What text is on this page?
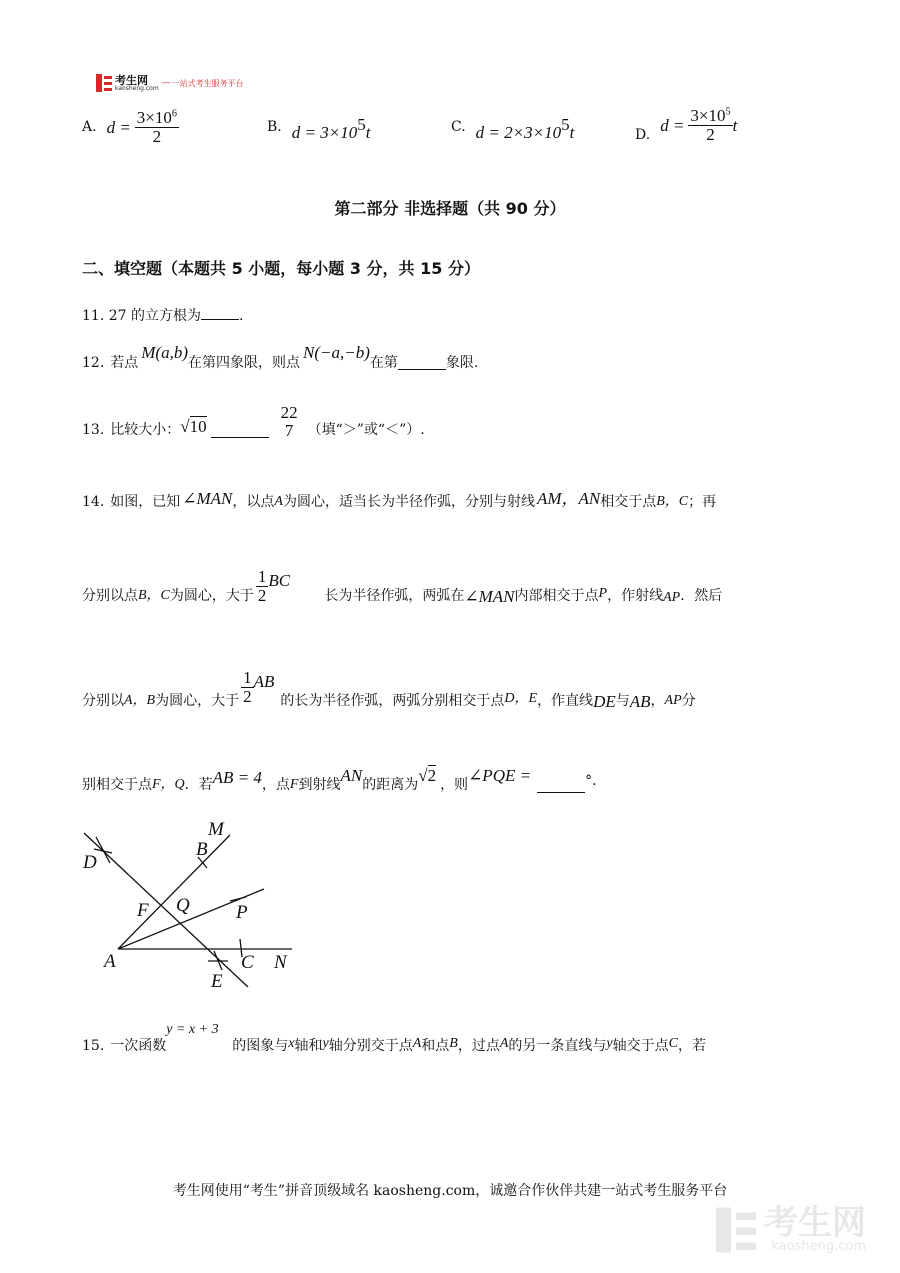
考生网
kaosheng.com — 一站式考生服务平台
A. $d = \frac{3\times 10^6}{2}$	B. $d = 3\times 10^5$ t	C. $d = 2\times 3\times 10^5$ t	D.
$d = \frac{3\times 10^5}{2}$ t
第二部分 非选择题（共 90 分）
二、填空题（本题共 5 小题，每小题 3 分，共 15 分）
11. 27 的立方根为	.
12. 若点
M(a,b)
在第四象限，则点
N(−a,−b)
在第	象限.
13. 比较大小： √10
22
7	（填“＞”或“＜”）.
14. 如图，已知 ∠MAN ，以点 A 为圆心，适当长为半径作弧，分别与射线 AM，AN 相交于点 B，C ；再
分别以点 B，C 为圆心，大于 $\frac{1}{2}$ BC
长为半径作弧，两弧在 ∠MAN 内部相交于点 P ，作射线 AP ．然后
分别以 A，B 为圆心，大于 $\frac{1}{2}$ AB
的长为半径作弧，两弧分别相交于点 D，E ，作直线 DE 与 AB ， AP 分
别相交于点 F，Q ．若 AB = 4 ，点 F 到射线
AN
的距离为
√2
，则
∠PQE =	°．
M
B
D
F Q P
A
E
C N
15. 一次函数
y = x + 3
的图象与 x 轴和 y 轴分别交于点 A 和点 B ，过点 A 的另一条直线与 y 轴交于点 C ，若
考生网使用“考生”拼音顶级域名 kaosheng.com，诚邀合作伙伴共建一站式考生服务平台
考生网
kaosheng.com
